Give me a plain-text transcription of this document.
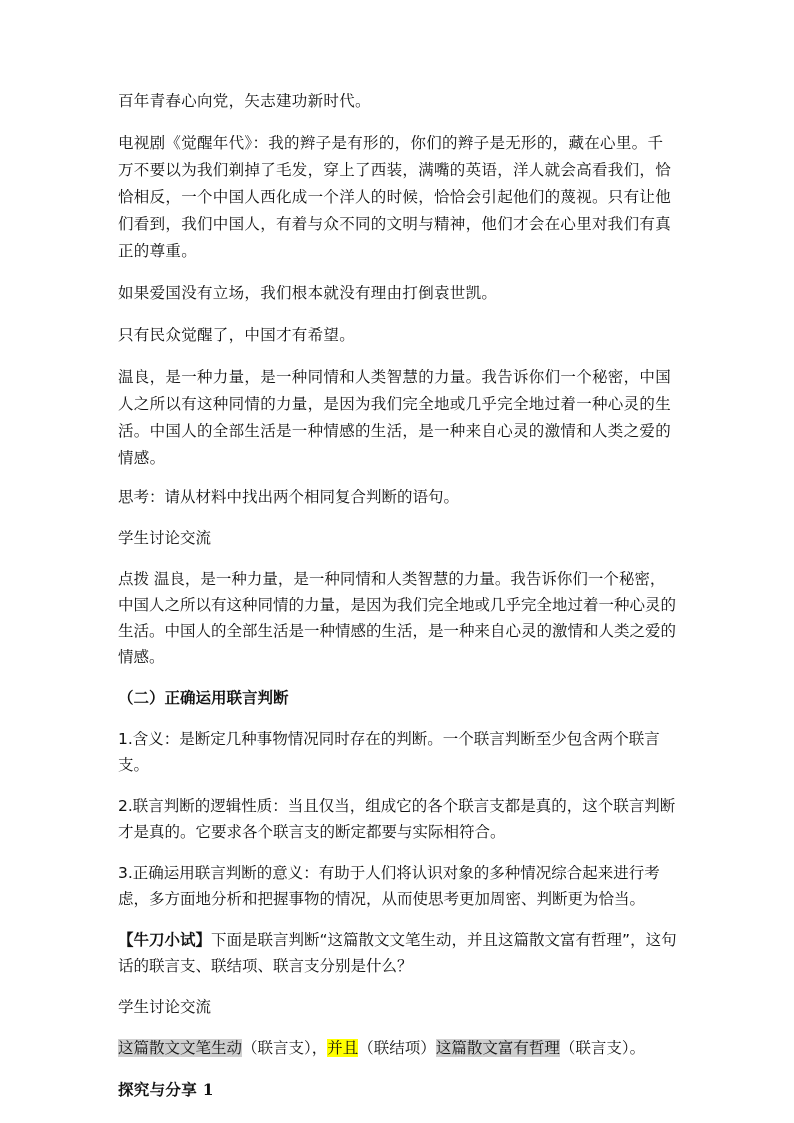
百年青春心向党，矢志建功新时代。

电视剧《觉醒年代》：我的辫子是有形的，你们的辫子是无形的，藏在心里。千万不要以为我们剃掉了毛发，穿上了西装，满嘴的英语，洋人就会高看我们，恰恰相反，一个中国人西化成一个洋人的时候，恰恰会引起他们的蔑视。只有让他们看到，我们中国人，有着与众不同的文明与精神，他们才会在心里对我们有真正的尊重。

如果爱国没有立场，我们根本就没有理由打倒袁世凯。

只有民众觉醒了，中国才有希望。

温良，是一种力量，是一种同情和人类智慧的力量。我告诉你们一个秘密，中国人之所以有这种同情的力量，是因为我们完全地或几乎完全地过着一种心灵的生活。中国人的全部生活是一种情感的生活，是一种来自心灵的激情和人类之爱的情感。

思考：请从材料中找出两个相同复合判断的语句。

学生讨论交流

点拨 温良，是一种力量，是一种同情和人类智慧的力量。我告诉你们一个秘密，中国人之所以有这种同情的力量，是因为我们完全地或几乎完全地过着一种心灵的生活。中国人的全部生活是一种情感的生活，是一种来自心灵的激情和人类之爱的情感。

（二）正确运用联言判断

1.含义：是断定几种事物情况同时存在的判断。一个联言判断至少包含两个联言支。

2.联言判断的逻辑性质：当且仅当，组成它的各个联言支都是真的，这个联言判断才是真的。它要求各个联言支的断定都要与实际相符合。

3.正确运用联言判断的意义：有助于人们将认识对象的多种情况综合起来进行考虑，多方面地分析和把握事物的情况，从而使思考更加周密、判断更为恰当。

【牛刀小试】下面是联言判断“这篇散文文笔生动，并且这篇散文富有哲理”，这句话的联言支、联结项、联言支分别是什么？

学生讨论交流

这篇散文文笔生动（联言支），并且（联结项）这篇散文富有哲理（联言支）。

探究与分享 1
